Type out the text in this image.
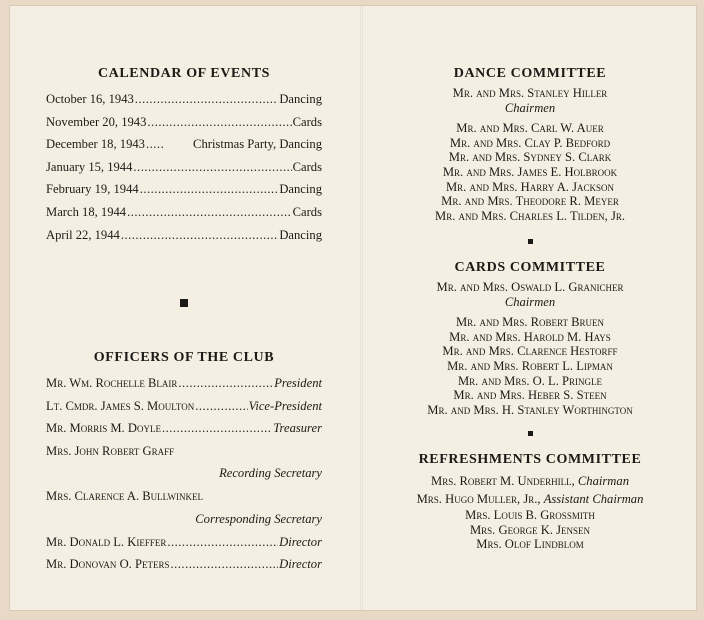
CALENDAR OF EVENTS
October 16, 1943 .....	Dancing
November 20, 1943 .....	Cards
December 18, 1943 .....	Christmas Party, Dancing
January 15, 1944 .....	Cards
February 19, 1944 .....	Dancing
March 18, 1944 .....	Cards
April 22, 1944 .....	Dancing
OFFICERS OF THE CLUB
Mr. Wm. Rochelle Blair .....	President
Lt. Cmdr. James S. Moulton .....	Vice-President
Mr. Morris M. Doyle .....	Treasurer
Mrs. John Robert Graff
Recording Secretary
Mrs. Clarence A. Bullwinkel
Corresponding Secretary
Mr. Donald L. Kieffer .....	Director
Mr. Donovan O. Peters .....	Director
DANCE COMMITTEE
Mr. and Mrs. Stanley Hiller
Chairmen
Mr. and Mrs. Carl W. Auer
Mr. and Mrs. Clay P. Bedford
Mr. and Mrs. Sydney S. Clark
Mr. and Mrs. James E. Holbrook
Mr. and Mrs. Harry A. Jackson
Mr. and Mrs. Theodore R. Meyer
Mr. and Mrs. Charles L. Tilden, Jr.
CARDS COMMITTEE
Mr. and Mrs. Oswald L. Granicher
Chairmen
Mr. and Mrs. Robert Bruen
Mr. and Mrs. Harold M. Hays
Mr. and Mrs. Clarence Hestorff
Mr. and Mrs. Robert L. Lipman
Mr. and Mrs. O. L. Pringle
Mr. and Mrs. Heber S. Steen
Mr. and Mrs. H. Stanley Worthington
REFRESHMENTS COMMITTEE
Mrs. Robert M. Underhill, Chairman
Mrs. Hugo Muller, Jr., Assistant Chairman
Mrs. Louis B. Grossmith
Mrs. George K. Jensen
Mrs. Olof Lindblom
